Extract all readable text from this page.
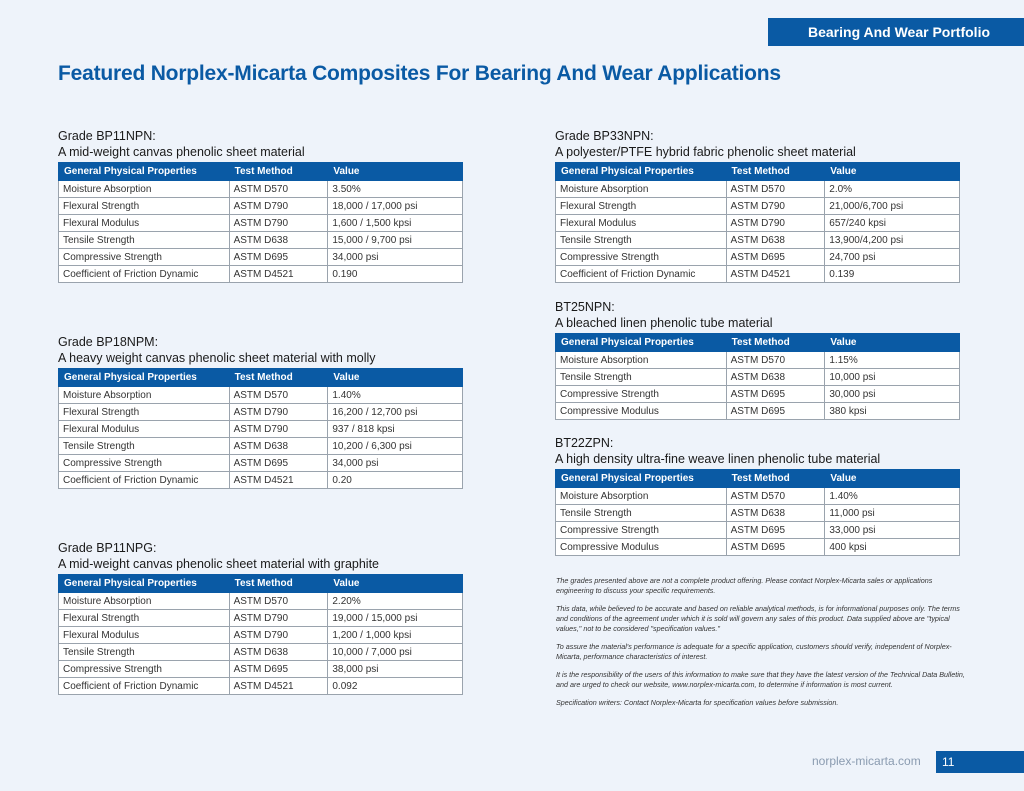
Bearing And Wear Portfolio
Featured Norplex-Micarta Composites For Bearing And Wear Applications
Grade BP11NPN:
A mid-weight canvas phenolic sheet material
General Physical Properties	Test Method	Value
Moisture Absorption	ASTM D570	3.50%
Flexural Strength	ASTM D790	18,000 / 17,000 psi
Flexural Modulus	ASTM D790	1,600 / 1,500 kpsi
Tensile Strength	ASTM D638	15,000 / 9,700 psi
Compressive Strength	ASTM D695	34,000 psi
Coefficient of Friction Dynamic	ASTM D4521	0.190
Grade BP18NPM:
A heavy weight canvas phenolic sheet material with molly
General Physical Properties	Test Method	Value
Moisture Absorption	ASTM D570	1.40%
Flexural Strength	ASTM D790	16,200 / 12,700 psi
Flexural Modulus	ASTM D790	937 / 818 kpsi
Tensile Strength	ASTM D638	10,200 / 6,300 psi
Compressive Strength	ASTM D695	34,000 psi
Coefficient of Friction Dynamic	ASTM D4521	0.20
Grade BP11NPG:
A mid-weight canvas phenolic sheet material with graphite
General Physical Properties	Test Method	Value
Moisture Absorption	ASTM D570	2.20%
Flexural Strength	ASTM D790	19,000 / 15,000 psi
Flexural Modulus	ASTM D790	1,200 / 1,000 kpsi
Tensile Strength	ASTM D638	10,000 / 7,000 psi
Compressive Strength	ASTM D695	38,000 psi
Coefficient of Friction Dynamic	ASTM D4521	0.092
Grade BP33NPN:
A polyester/PTFE hybrid fabric phenolic sheet material
General Physical Properties	Test Method	Value
Moisture Absorption	ASTM D570	2.0%
Flexural Strength	ASTM D790	21,000/6,700 psi
Flexural Modulus	ASTM D790	657/240 kpsi
Tensile Strength	ASTM D638	13,900/4,200 psi
Compressive Strength	ASTM D695	24,700 psi
Coefficient of Friction Dynamic	ASTM D4521	0.139
BT25NPN:
A bleached linen phenolic tube material
General Physical Properties	Test Method	Value
Moisture Absorption	ASTM D570	1.15%
Tensile Strength	ASTM D638	10,000 psi
Compressive Strength	ASTM D695	30,000 psi
Compressive Modulus	ASTM D695	380 kpsi
BT22ZPN:
A high density ultra-fine weave linen phenolic tube material
General Physical Properties	Test Method	Value
Moisture Absorption	ASTM D570	1.40%
Tensile Strength	ASTM D638	11,000 psi
Compressive Strength	ASTM D695	33,000 psi
Compressive Modulus	ASTM D695	400 kpsi

The grades presented above are not a complete product offering. Please contact Norplex-Micarta sales or applications engineering to discuss your specific requirements.

This data, while believed to be accurate and based on reliable analytical methods, is for informational purposes only. The terms and conditions of the agreement under which it is sold will govern any sales of this product. Data supplied above are "typical values," not to be considered "specification values."

To assure the material's performance is adequate for a specific application, customers should verify, independent of Norplex-Micarta, performance characteristics of interest.

It is the responsibility of the users of this information to make sure that they have the latest version of the Technical Data Bulletin, and are urged to check our website, www.norplex-micarta.com, to determine if information is most current.

Specification writers: Contact Norplex-Micarta for specification values before submission.

norplex-micarta.com 11
